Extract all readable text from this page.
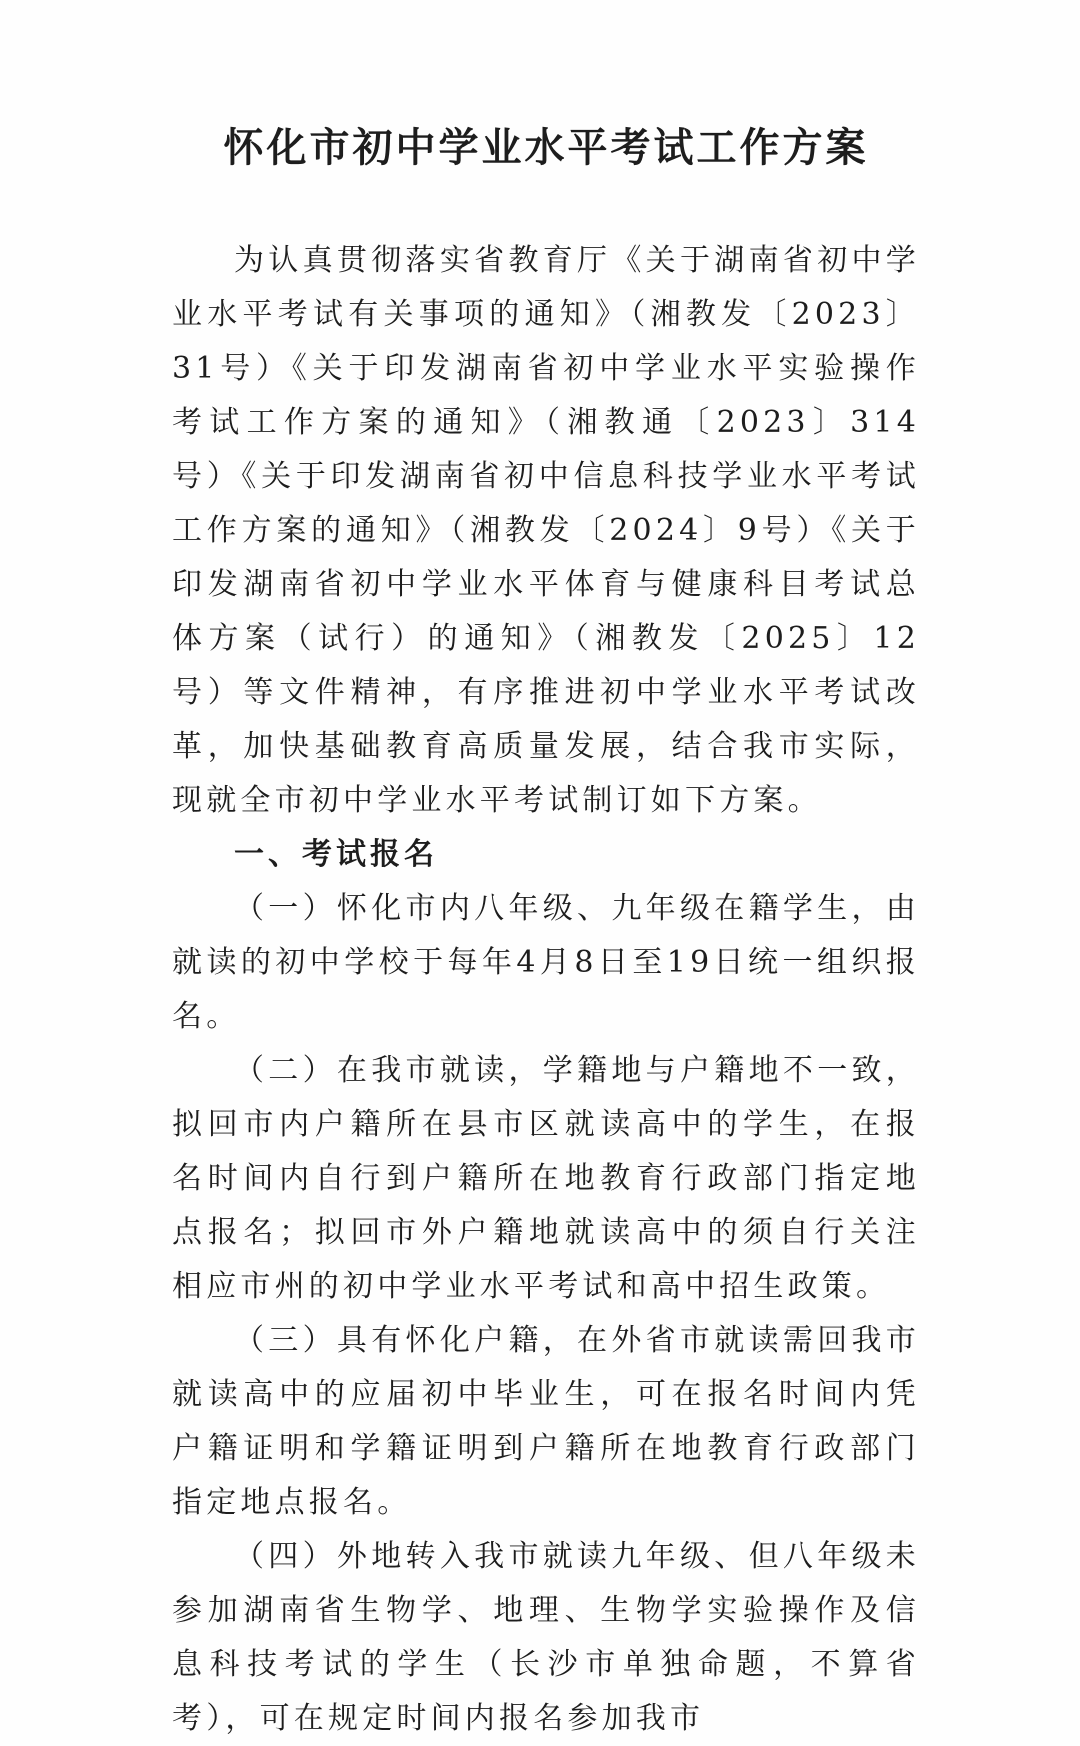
怀化市初中学业水平考试工作方案

为认真贯彻落实省教育厅《关于湖南省初中学业水平考试有关事项的通知》（湘教发〔2023〕31号）《关于印发湖南省初中学业水平实验操作考试工作方案的通知》（湘教通〔2023〕314号）《关于印发湖南省初中信息科技学业水平考试工作方案的通知》（湘教发〔2024〕9号）《关于印发湖南省初中学业水平体育与健康科目考试总体方案（试行）的通知》（湘教发〔2025〕12号）等文件精神，有序推进初中学业水平考试改革，加快基础教育高质量发展，结合我市实际，现就全市初中学业水平考试制订如下方案。

一、考试报名

（一）怀化市内八年级、九年级在籍学生，由就读的初中学校于每年4月8日至19日统一组织报名。

（二）在我市就读，学籍地与户籍地不一致，拟回市内户籍所在县市区就读高中的学生，在报名时间内自行到户籍所在地教育行政部门指定地点报名；拟回市外户籍地就读高中的须自行关注相应市州的初中学业水平考试和高中招生政策。

（三）具有怀化户籍，在外省市就读需回我市就读高中的应届初中毕业生，可在报名时间内凭户籍证明和学籍证明到户籍所在地教育行政部门指定地点报名。

（四）外地转入我市就读九年级、但八年级未参加湖南省生物学、地理、生物学实验操作及信息科技考试的学生（长沙市单独命题，不算省考），可在规定时间内报名参加我市
